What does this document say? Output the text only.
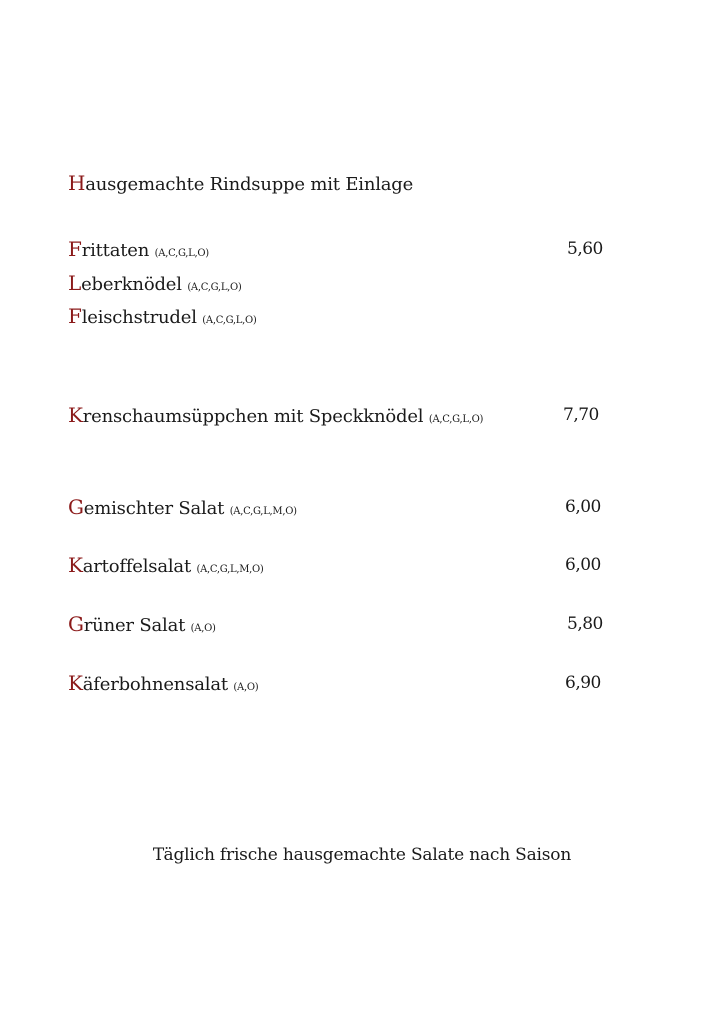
Hausgemachte Rindsuppe mit Einlage
Frittaten (A,C,G,L,O)	5,60
Leberknödel (A,C,G,L,O)
Fleischstrudel (A,C,G,L,O)
Krenschaumsüppchen mit Speckknödel (A,C,G,L,O)	7,70
Gemischter Salat (A,C,G,L,M,O)	6,00
Kartoffelsalat (A,C,G,L,M,O)	6,00
Grüner Salat (A,O)	5,80
Käferbohnensalat (A,O)	6,90
Täglich frische hausgemachte Salate nach Saison
